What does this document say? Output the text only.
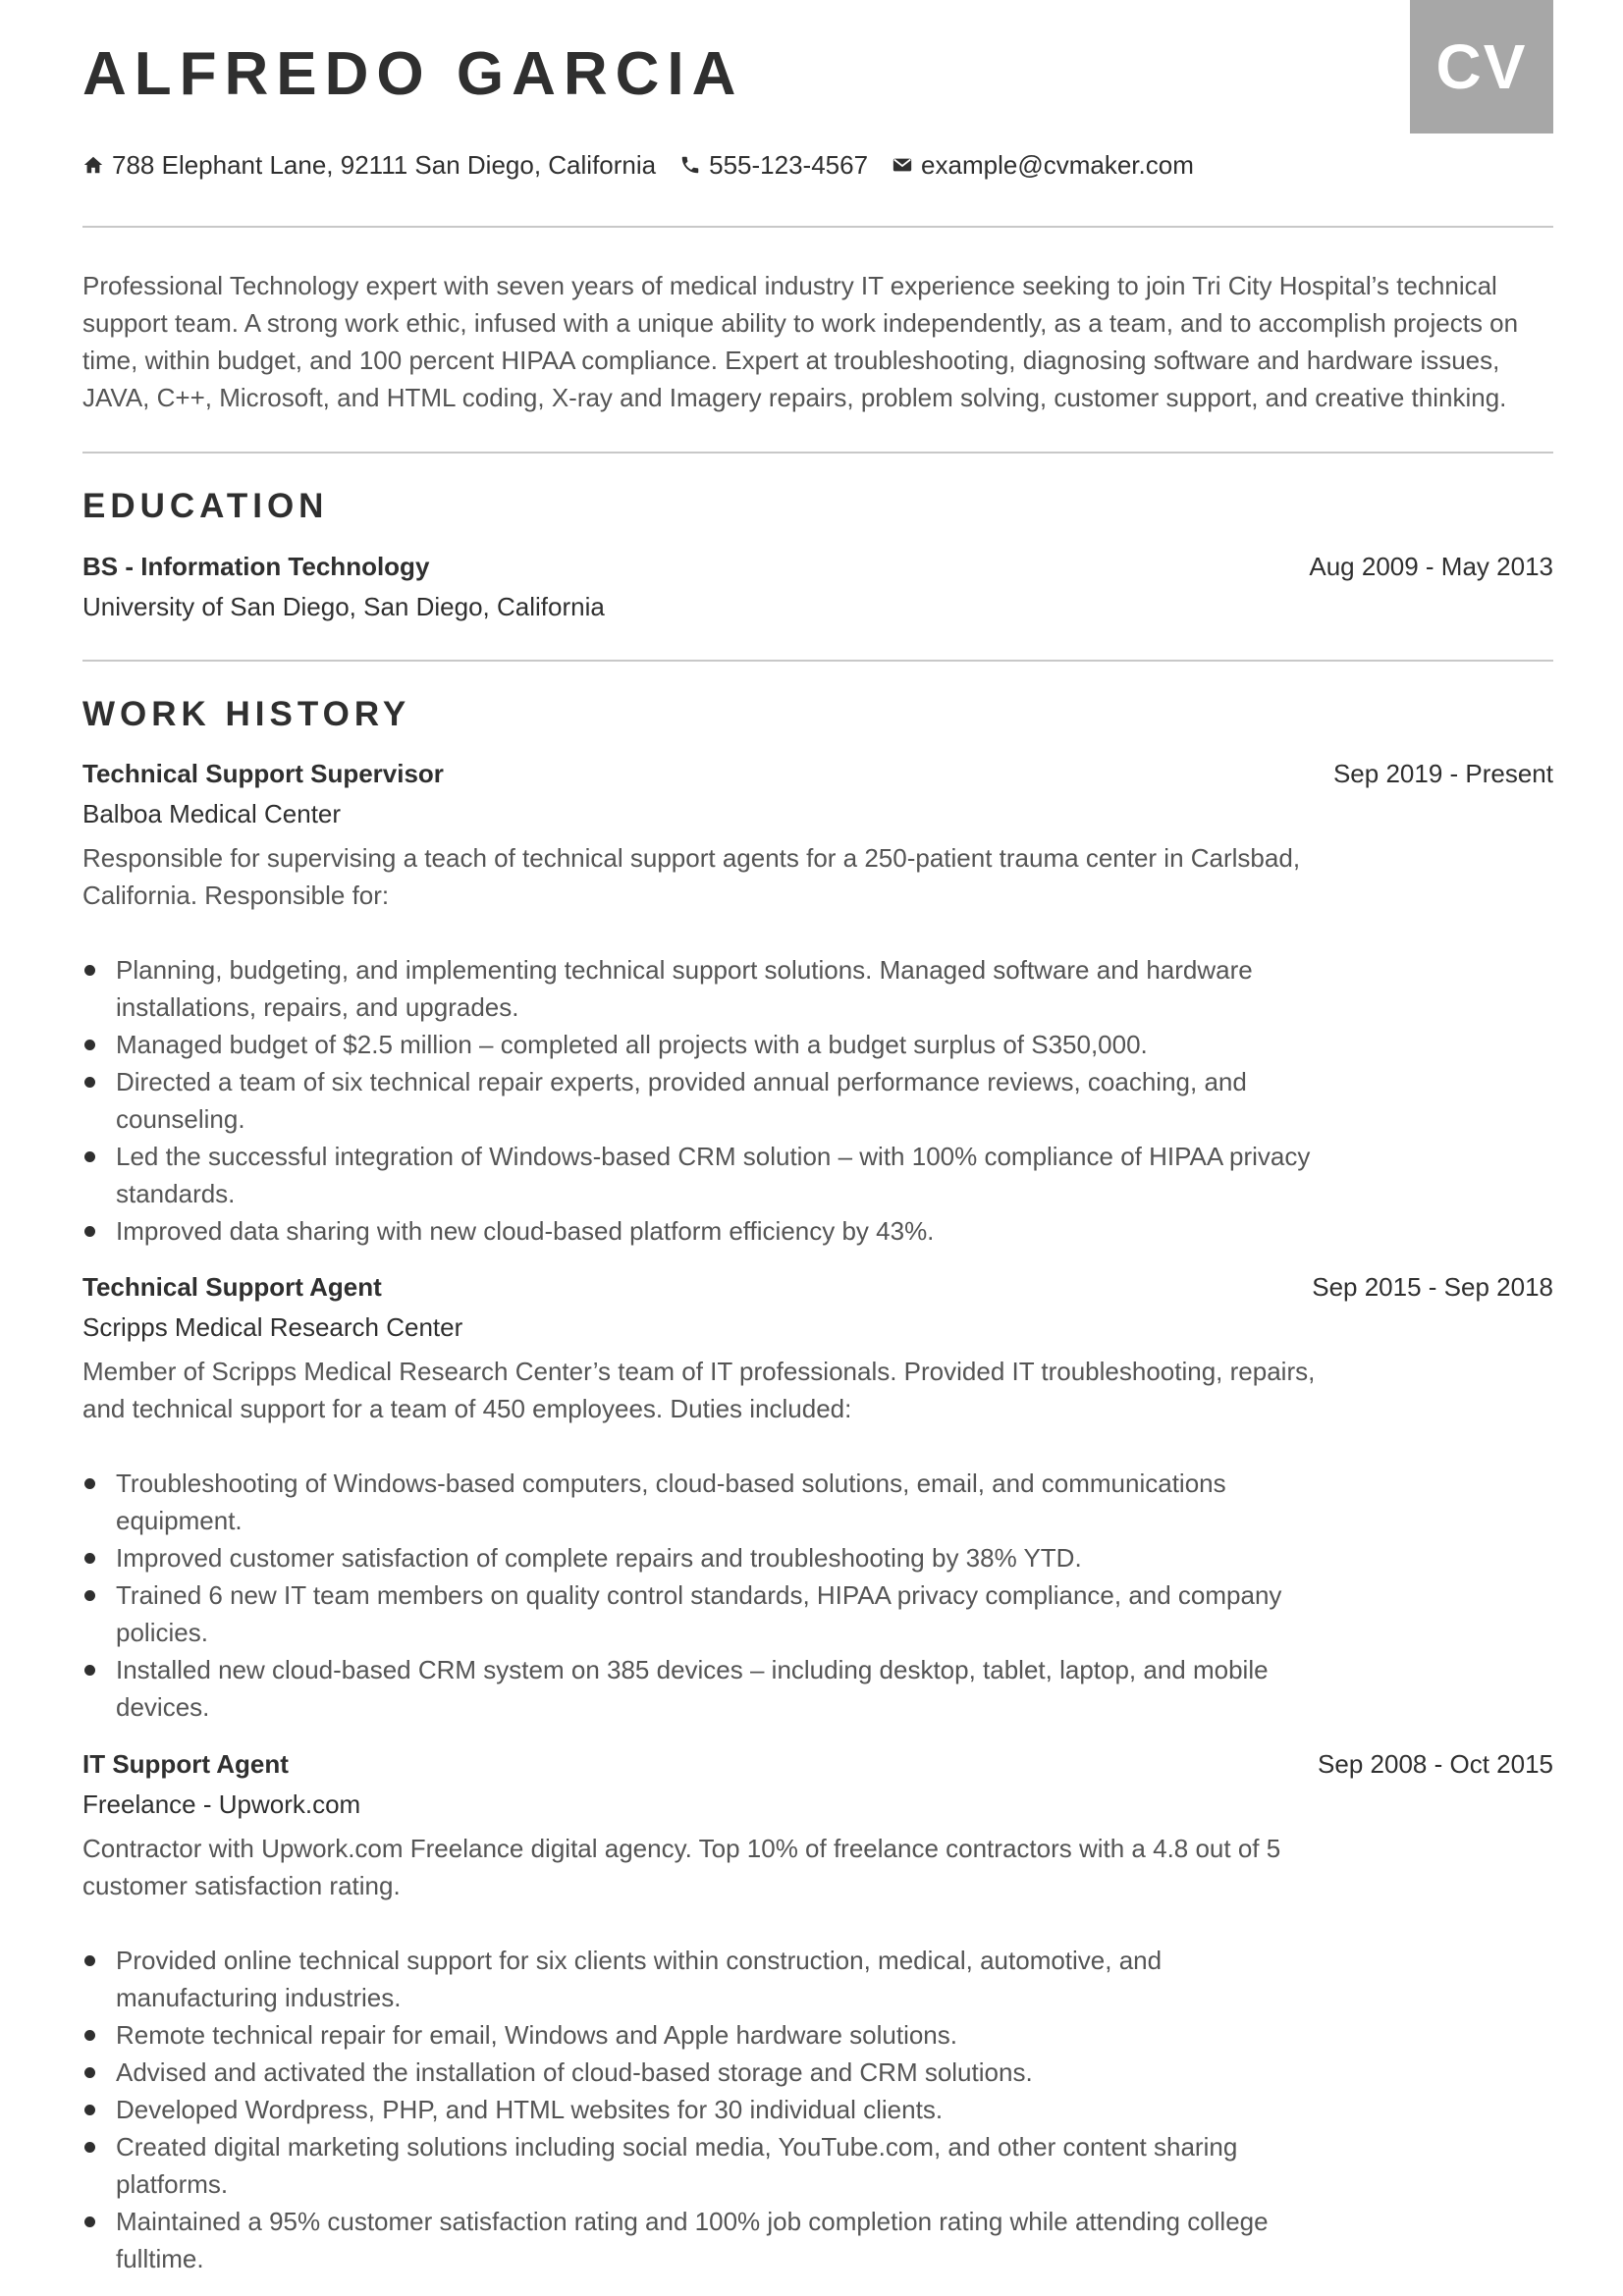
CV
ALFREDO GARCIA
788 Elephant Lane, 92111 San Diego, California 555-123-4567 example@cvmaker.com

Professional Technology expert with seven years of medical industry IT experience seeking to join Tri City Hospital’s technical support team. A strong work ethic, infused with a unique ability to work independently, as a team, and to accomplish projects on time, within budget, and 100 percent HIPAA compliance. Expert at troubleshooting, diagnosing software and hardware issues, JAVA, C++, Microsoft, and HTML coding, X-ray and Imagery repairs, problem solving, customer support, and creative thinking.

EDUCATION
BS - Information Technology	Aug 2009 - May 2013
University of San Diego, San Diego, California
WORK HISTORY
Technical Support Supervisor	Sep 2019 - Present
Balboa Medical Center

Responsible for supervising a teach of technical support agents for a 250-patient trauma center in Carlsbad, California. Responsible for:

Planning, budgeting, and implementing technical support solutions. Managed software and hardware installations, repairs, and upgrades.
Managed budget of $2.5 million – completed all projects with a budget surplus of S350,000.
Directed a team of six technical repair experts, provided annual performance reviews, coaching, and counseling.
Led the successful integration of Windows-based CRM solution – with 100% compliance of HIPAA privacy standards.
Improved data sharing with new cloud-based platform efficiency by 43%.
Technical Support Agent	Sep 2015 - Sep 2018
Scripps Medical Research Center

Member of Scripps Medical Research Center’s team of IT professionals. Provided IT troubleshooting, repairs, and technical support for a team of 450 employees. Duties included:

Troubleshooting of Windows-based computers, cloud-based solutions, email, and communications equipment.
Improved customer satisfaction of complete repairs and troubleshooting by 38% YTD.
Trained 6 new IT team members on quality control standards, HIPAA privacy compliance, and company policies.
Installed new cloud-based CRM system on 385 devices – including desktop, tablet, laptop, and mobile devices.
IT Support Agent	Sep 2008 - Oct 2015
Freelance - Upwork.com

Contractor with Upwork.com Freelance digital agency. Top 10% of freelance contractors with a 4.8 out of 5 customer satisfaction rating.

Provided online technical support for six clients within construction, medical, automotive, and manufacturing industries.
Remote technical repair for email, Windows and Apple hardware solutions.
Advised and activated the installation of cloud-based storage and CRM solutions.
Developed Wordpress, PHP, and HTML websites for 30 individual clients.
Created digital marketing solutions including social media, YouTube.com, and other content sharing platforms.
Maintained a 95% customer satisfaction rating and 100% job completion rating while attending college fulltime.
